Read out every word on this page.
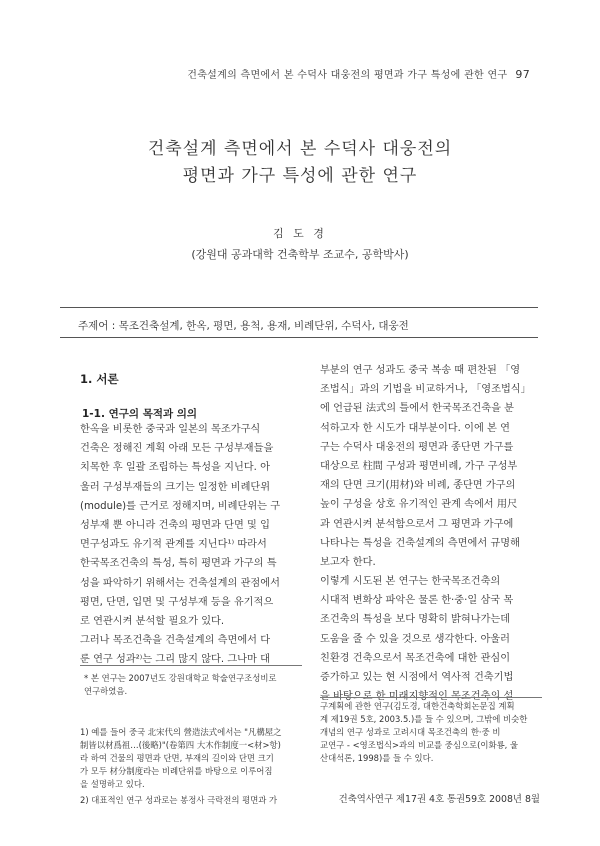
건축설계의 측면에서 본 수덕사 대웅전의 평면과 가구 특성에 관한 연구 97
건축설계 측면에서 본 수덕사 대웅전의
평면과 가구 특성에 관한 연구
김 도 경
(강원대 공과대학 건축학부 조교수, 공학박사)
주제어 : 목조건축설계, 한옥, 평면, 용척, 용재, 비례단위, 수덕사, 대웅전
1. 서론
1-1. 연구의 목적과 의의
한옥을 비롯한 중국과 일본의 목조가구식
건축은 정해진 계획 아래 모든 구성부재들을
치목한 후 일괄 조립하는 특성을 지닌다. 아
울러 구성부재들의 크기는 일정한 비례단위
(module)를 근거로 정해지며, 비례단위는 구
성부재 뿐 아니라 건축의 평면과 단면 및 입
면구성과도 유기적 관계를 지닌다¹⁾ 따라서
한국목조건축의 특성, 특히 평면과 가구의 특
성을 파악하기 위해서는 건축설계의 관점에서
평면, 단면, 입면 및 구성부재 등을 유기적으
로 연관시켜 분석할 필요가 있다.
그러나 목조건축을 건축설계의 측면에서 다
룬 연구 성과²⁾는 그리 많지 않다. 그나마 대
부분의 연구 성과도 중국 복송 때 편찬된 「영
조법식」과의 기법을 비교하거나, 「영조법식」
에 언급된 法式의 틀에서 한국목조건축을 분
석하고자 한 시도가 대부분이다. 이에 본 연
구는 수덕사 대웅전의 평면과 종단면 가구를
대상으로 柱間 구성과 평면비례, 가구 구성부
재의 단면 크기(用材)와 비례, 종단면 가구의
높이 구성을 상호 유기적인 관계 속에서 用尺
과 연관시켜 분석함으로서 그 평면과 가구에
나타나는 특성을 건축설계의 측면에서 규명해
보고자 한다.
이렇게 시도된 본 연구는 한국목조건축의
시대적 변화상 파악은 물론 한·중·일 삼국 목
조건축의 특성을 보다 명확히 밝혀나가는데
도움을 줄 수 있을 것으로 생각한다. 아울러
친환경 건축으로서 목조건축에 대한 관심이
증가하고 있는 현 시점에서 역사적 건축기법
을 바탕으로 한 미래지향적인 목조건축의 설
* 본 연구는 2007년도 강원대학교 학술연구조성비로
연구하였음.
1) 예를 들어 중국 北宋代의 營造法式에서는 "凡構屋之
制皆以材爲祖…(後略)"(卷第四 大木作制度一<材>항)
라 하여 건물의 평면과 단면, 부재의 길이와 단면 크기
가 모두 材分制度라는 비례단위를 바탕으로 이루어짐
을 설명하고 있다.
2) 대표적인 연구 성과로는 봉정사 극락전의 평면과 가
구계획에 관한 연구(김도경, 대한건축학회논문집 계획
계 제19권 5호, 2003.5.)를 들 수 있으며, 그밖에 비슷한
개념의 연구 성과로 고려시대 목조건축의 한·중 비
교연구 - <영조법식>과의 비교를 중심으로(이화룡, 울
산대석론, 1998)를 들 수 있다.
건축역사연구 제17권 4호 통권59호 2008년 8월
